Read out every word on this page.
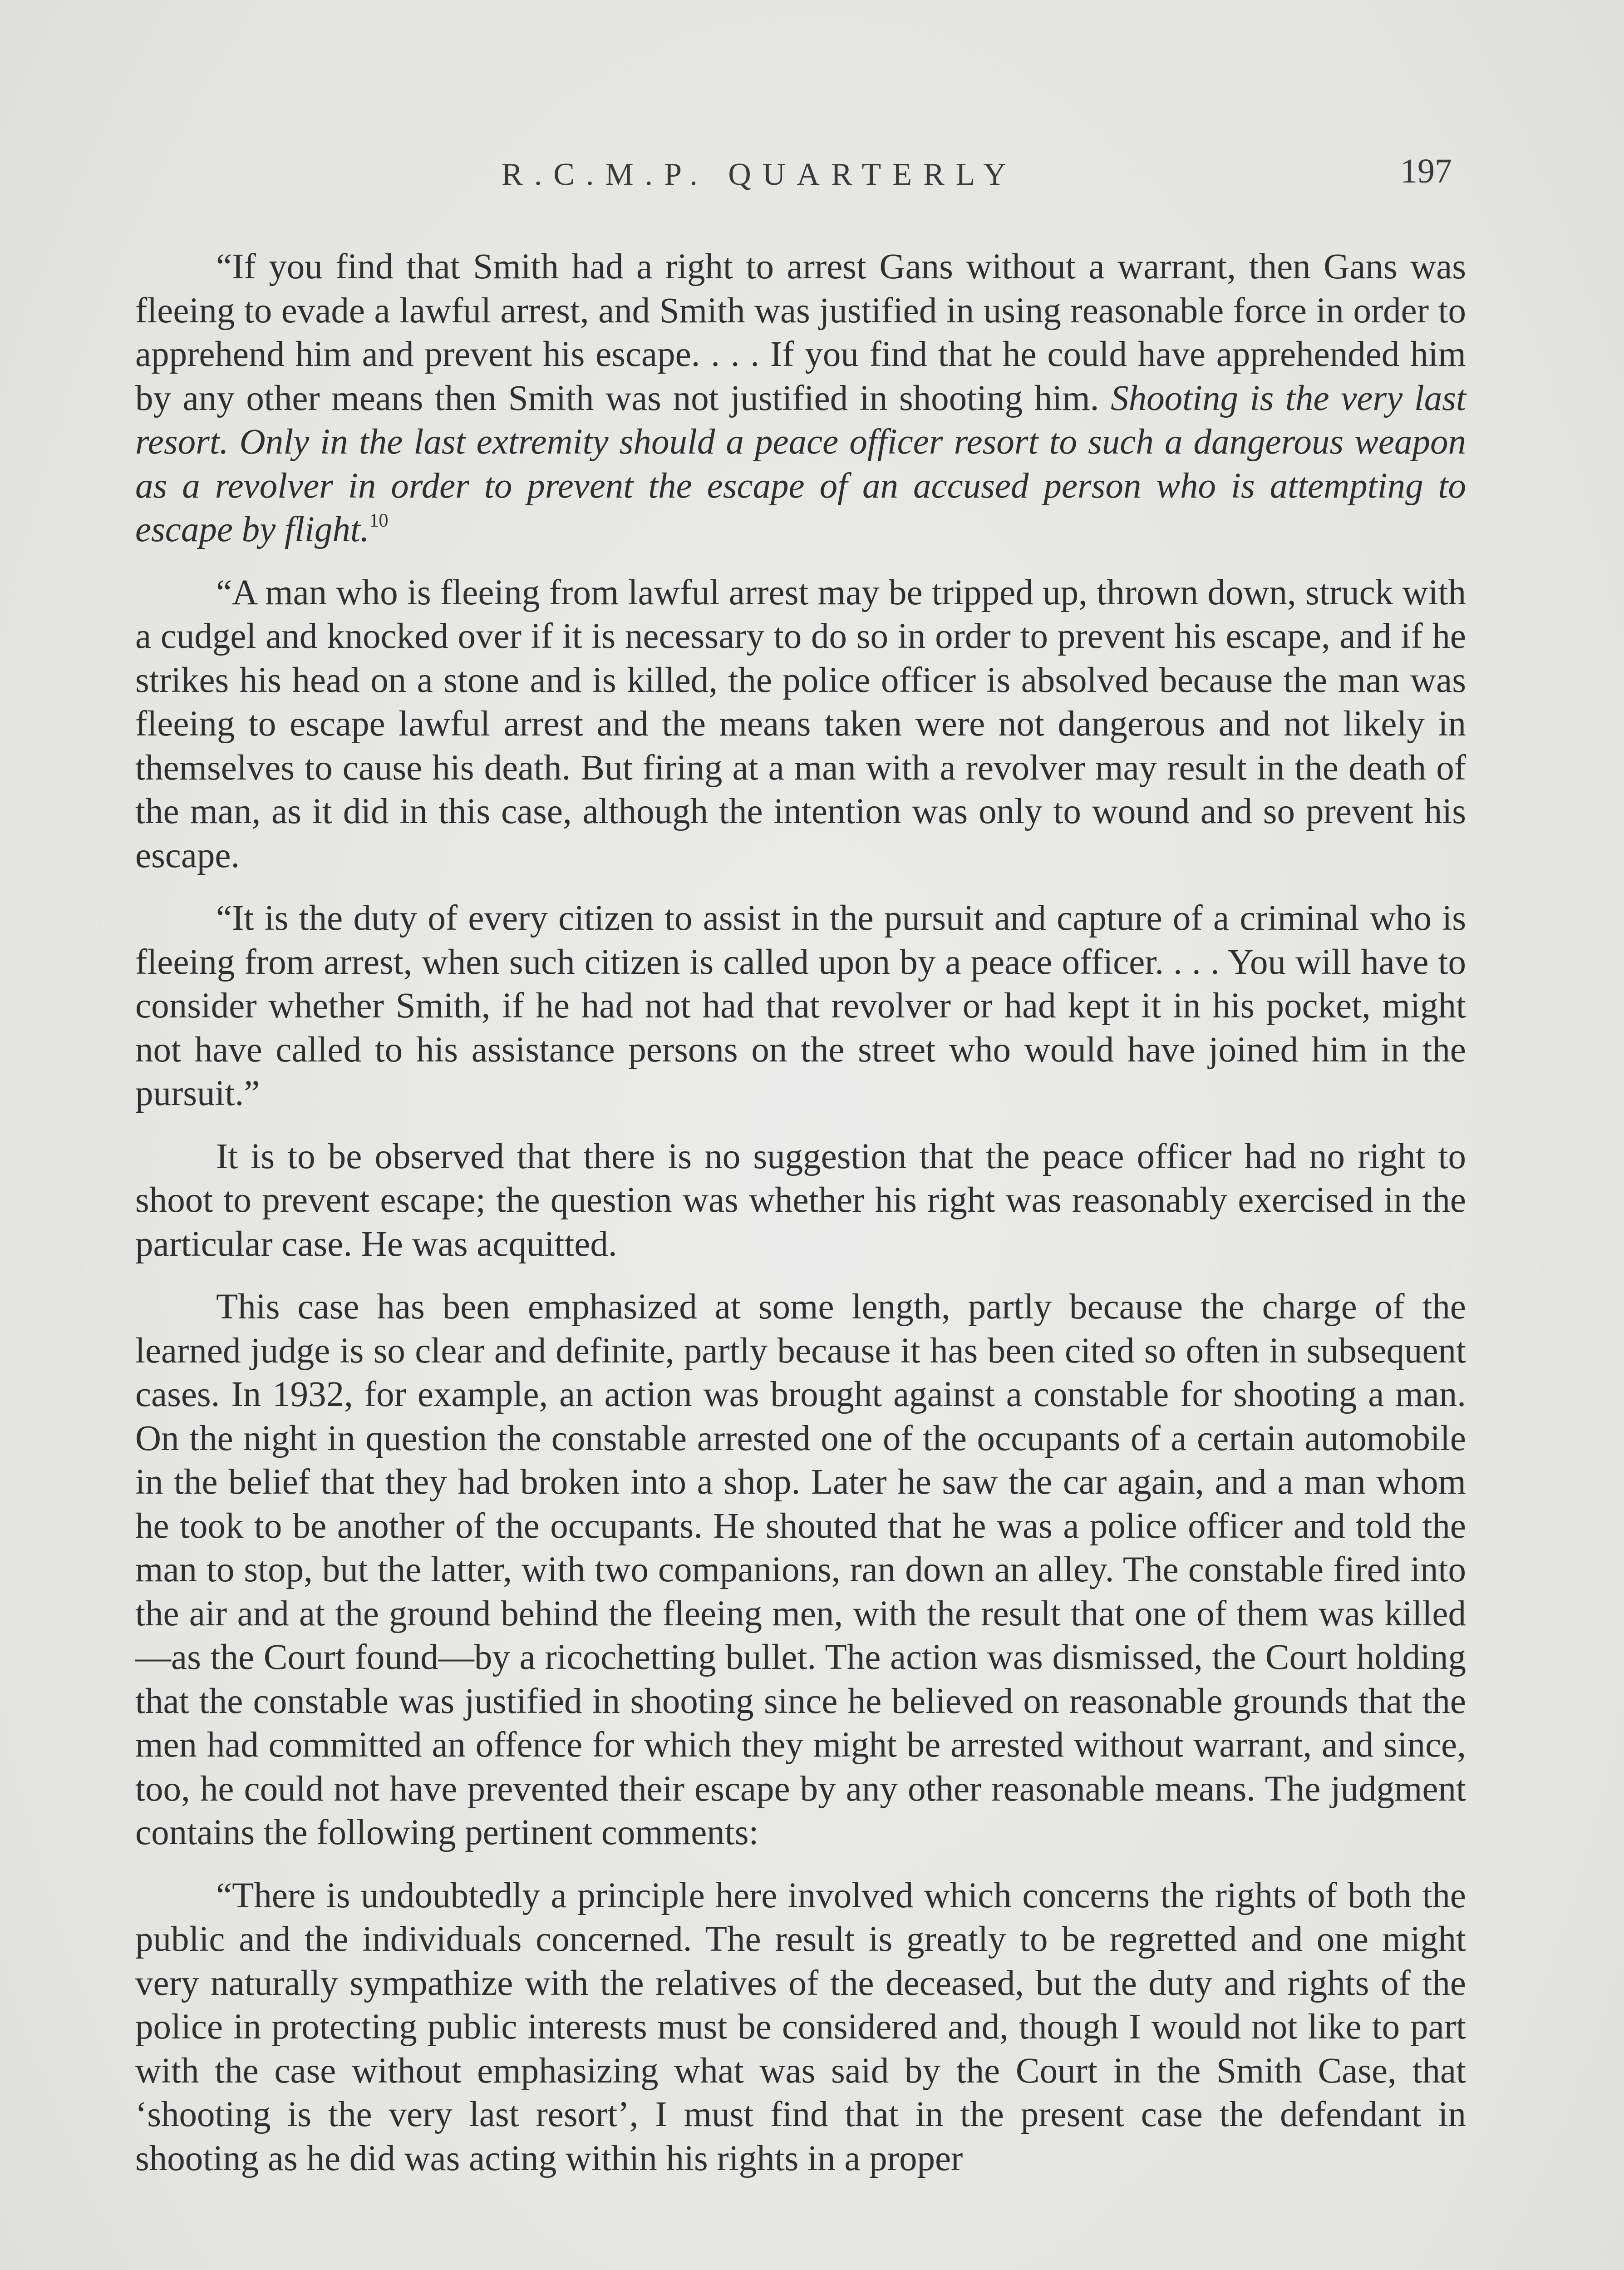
R.C.M.P. QUARTERLY	197

“If you find that Smith had a right to arrest Gans without a warrant, then Gans was fleeing to evade a lawful arrest, and Smith was justified in using reasonable force in order to apprehend him and prevent his escape. . . . If you find that he could have apprehended him by any other means then Smith was not justified in shooting him. Shooting is the very last resort. Only in the last extremity should a peace officer resort to such a dangerous weapon as a revolver in order to prevent the escape of an accused person who is attempting to escape by flight.$^{10}$

“A man who is fleeing from lawful arrest may be tripped up, thrown down, struck with a cudgel and knocked over if it is necessary to do so in order to prevent his escape, and if he strikes his head on a stone and is killed, the police officer is absolved because the man was fleeing to escape lawful arrest and the means taken were not dangerous and not likely in themselves to cause his death. But firing at a man with a revolver may result in the death of the man, as it did in this case, although the intention was only to wound and so prevent his escape.

“It is the duty of every citizen to assist in the pursuit and capture of a criminal who is fleeing from arrest, when such citizen is called upon by a peace officer. . . . You will have to consider whether Smith, if he had not had that revolver or had kept it in his pocket, might not have called to his assistance persons on the street who would have joined him in the pursuit.”

It is to be observed that there is no suggestion that the peace officer had no right to shoot to prevent escape; the question was whether his right was reasonably exercised in the particular case. He was acquitted.

This case has been emphasized at some length, partly because the charge of the learned judge is so clear and definite, partly because it has been cited so often in subsequent cases. In 1932, for example, an action was brought against a constable for shooting a man. On the night in question the constable arrested one of the occupants of a certain automobile in the belief that they had broken into a shop. Later he saw the car again, and a man whom he took to be another of the occupants. He shouted that he was a police officer and told the man to stop, but the latter, with two companions, ran down an alley. The constable fired into the air and at the ground behind the fleeing men, with the result that one of them was killed—as the Court found—by a ricochetting bullet. The action was dismissed, the Court holding that the constable was justified in shooting since he believed on reasonable grounds that the men had committed an offence for which they might be arrested without warrant, and since, too, he could not have prevented their escape by any other reasonable means. The judgment contains the following pertinent comments:

“There is undoubtedly a principle here involved which concerns the rights of both the public and the individuals concerned. The result is greatly to be regretted and one might very naturally sympathize with the relatives of the deceased, but the duty and rights of the police in protecting public interests must be considered and, though I would not like to part with the case without emphasizing what was said by the Court in the Smith Case, that ‘shooting is the very last resort’, I must find that in the present case the defendant in shooting as he did was acting within his rights in a proper
